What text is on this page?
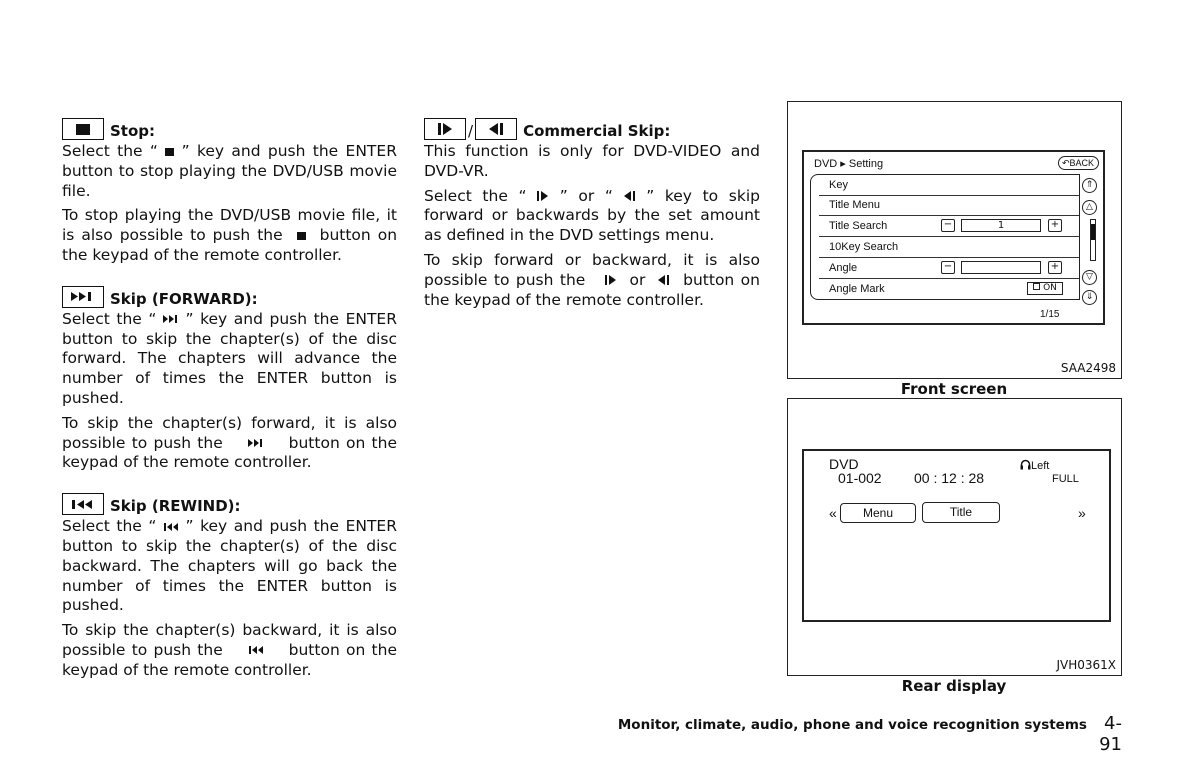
Stop:

Select the “ ” key and push the ENTER button to stop playing the DVD/USB movie file.

To stop playing the DVD/USB movie file, it is also possible to push the button on the keypad of the remote controller.

Skip (FORWARD):

Select the “ ” key and push the ENTER button to skip the chapter(s) of the disc forward. The chapters will advance the number of times the ENTER button is pushed.

To skip the chapter(s) forward, it is also possible to push the	button on the keypad of the remote controller.

Skip (REWIND):

Select the “ ” key and push the ENTER button to skip the chapter(s) of the disc backward. The chapters will go back the number of times the ENTER button is pushed.

To skip the chapter(s) backward, it is also possible to push the	button on the keypad of the remote controller.

/	Commercial Skip:

This function is only for DVD-VIDEO and DVD-VR.

Select the “ ” or “ ” key to skip forward or backwards by the set amount as defined in the DVD settings menu.

To skip forward or backward, it is also possible to push the	or button on the keypad of the remote controller.

DVD ▸ Setting	↶BACK
Key
Title Menu
Title Search	−	1	+
10Key Search
Angle	−	+
Angle Mark	ON
⇑
△
▽
⇓
1/15
SAA2498
Front screen
DVD
01-002 00 : 12 : 28
Left
FULL
«	Menu	Title	»
JVH0361X
Rear display
Monitor, climate, audio, phone and voice recognition systems 4-91
